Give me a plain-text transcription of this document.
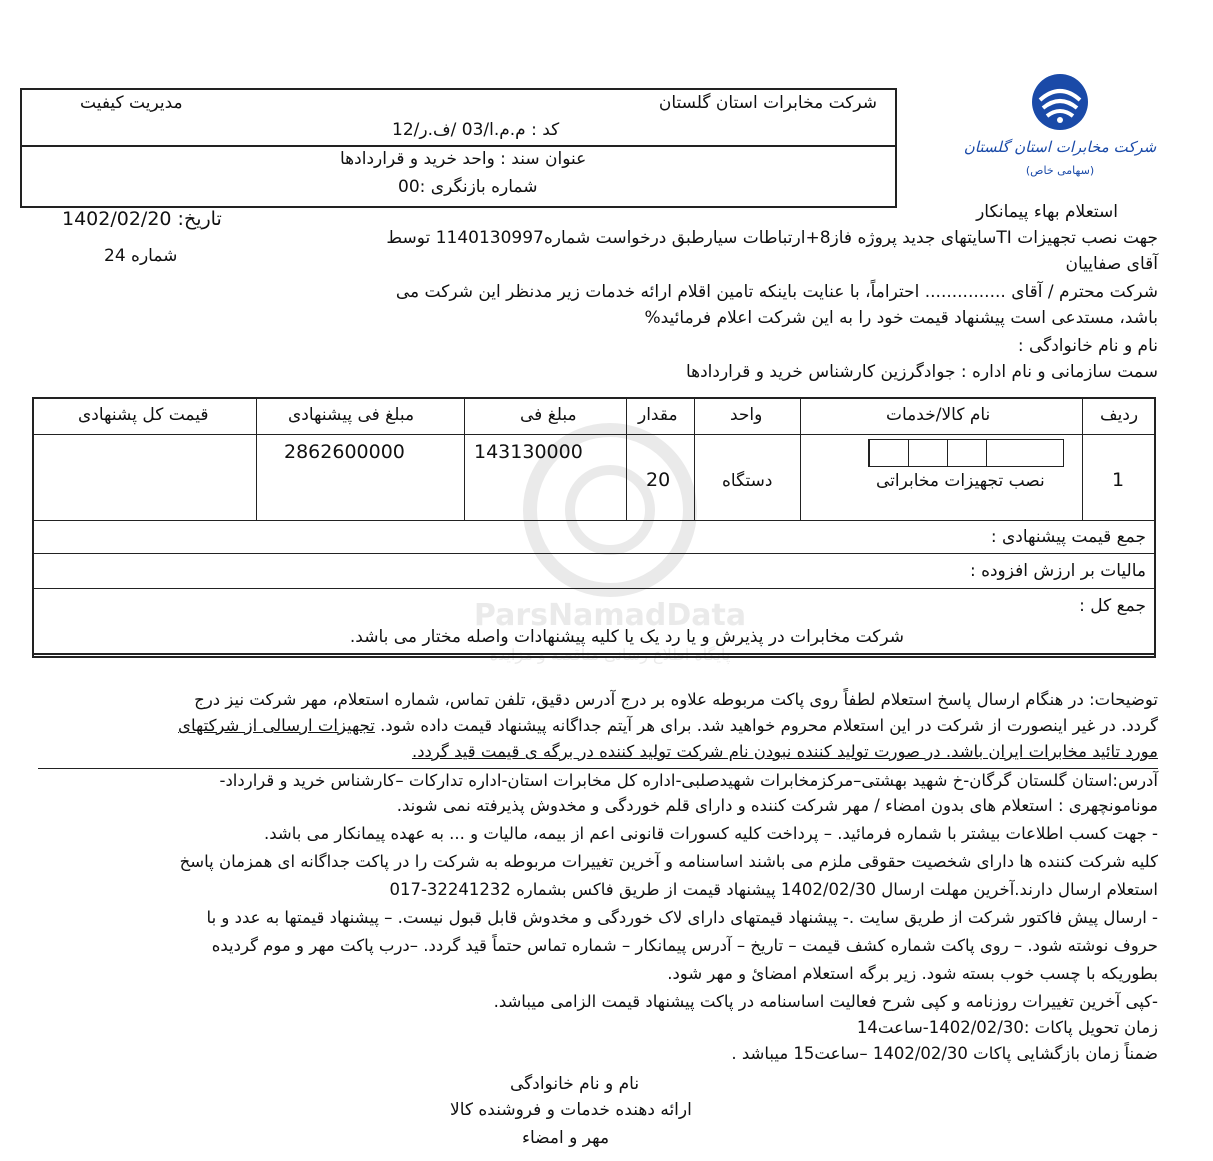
شرکت مخابرات استان گلستان
(سهامی خاص)
شرکت مخابرات استان گلستان
مدیریت کیفیت
کد : م.م.ا/03 /ف.ر/12
عنوان سند : واحد خرید و قراردادها
شماره بازنگری :00
تاریخ: 1402/02/20
شماره 24
استعلام بهاء پیمانکار
جهت نصب تجهیزات TIسایتهای جدید پروژه فاز8+ارتباطات سیارطبق درخواست شماره1140130997 توسط
آقای صفاییان
شرکت محترم / آقای ............... احتراماً، با عنایت باینکه تامین اقلام ارائه خدمات زیر مدنظر این شرکت می
باشد، مستدعی است پیشنهاد قیمت خود را به این شرکت اعلام فرمائید%
نام و نام خانوادگی :
سمت سازمانی و نام اداره : جوادگرزین کارشناس خرید و قراردادها
ParsNamadData
پایگاه اطلاع رسانی مناقصه و مزایده
ردیف
نام کالا/خدمات
واحد
مقدار
مبلغ فی
مبلغ فی پیشنهادی
قیمت کل پشنهادی
1
نصب تجهیزات مخابراتی
دستگاه
20
143130000
2862600000
جمع قیمت پیشنهادی :
مالیات بر ارزش افزوده :
جمع کل :
شرکت مخابرات در پذیرش و یا رد یک یا کلیه پیشنهادات واصله مختار می باشد.
توضیحات: در هنگام ارسال پاسخ استعلام لطفاً روی پاکت مربوطه علاوه بر درج آدرس دقیق، تلفن تماس، شماره استعلام، مهر شرکت نیز درج
گردد. در غیر اینصورت از شرکت در این استعلام محروم خواهید شد. برای هر آیتم جداگانه پیشنهاد قیمت داده شود. تجهیزات ارسالی از شرکتهای
مورد تائید مخابرات ایران باشد. در صورت تولید کننده نبودن نام شرکت تولید کننده در برگه ی قیمت قید گردد.
آدرس:استان گلستان گرگان-خ شهید بهشتی–مرکزمخابرات شهیدصلبی-اداره کل مخابرات استان-اداره تدارکات –کارشناس خرید و قرارداد-
مونامونچهری : استعلام های بدون امضاء / مهر شرکت کننده و دارای قلم خوردگی و مخدوش پذیرفته نمی شوند.
- جهت کسب اطلاعات بیشتر با شماره فرمائید. – پرداخت کلیه کسورات قانونی اعم از بیمه، مالیات و ... به عهده پیمانکار می باشد.
کلیه شرکت کننده ها دارای شخصیت حقوقی ملزم می باشند اساسنامه و آخرین تغییرات مربوطه به شرکت را در پاکت جداگانه ای همزمان پاسخ
استعلام ارسال دارند.آخرین مهلت ارسال 1402/02/30 پیشنهاد قیمت از طریق فاکس بشماره 32241232-017
- ارسال پیش فاکتور شرکت از طریق سایت .- پیشنهاد قیمتهای دارای لاک خوردگی و مخدوش قابل قبول نیست. – پیشنهاد قیمتها به عدد و با
حروف نوشته شود. – روی پاکت شماره کشف قیمت – تاریخ – آدرس پیمانکار – شماره تماس حتماً قید گردد. –درب پاکت مهر و موم گردیده
بطوریکه با چسب خوب بسته شود. زیر برگه استعلام امضائ و مهر شود.
-کپی آخرین تغییرات روزنامه و کپی شرح فعالیت اساسنامه در پاکت پیشنهاد قیمت الزامی میباشد.
زمان تحویل پاکات :1402/02/30-ساعت14
ضمناً زمان بازگشایی پاکات 1402/02/30 –ساعت15 میباشد .
نام و نام خانوادگی
ارائه دهنده خدمات و فروشنده کالا
مهر و امضاء
